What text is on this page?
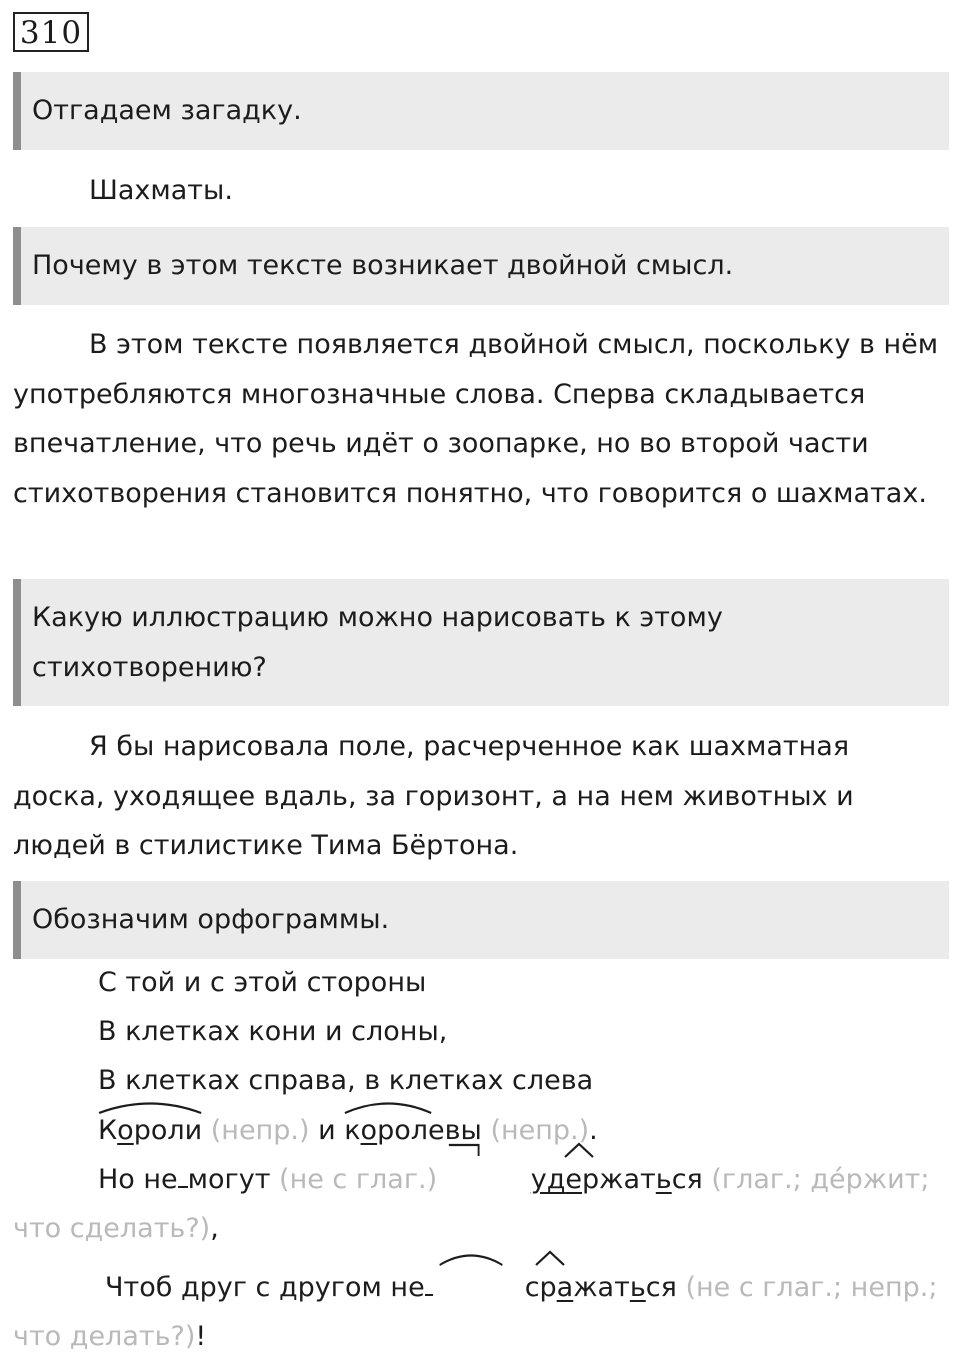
310
Отгадаем загадку.

Шахматы.

Почему в этом тексте возникает двойной смысл.

В этом тексте появляется двойной смысл, поскольку в нём употребляются многозначные слова. Сперва складывается впечатление, что речь идёт о зоопарке, но во второй части стихотворения становится понятно, что говорится о шахматах.

Какую иллюстрацию можно нарисовать к этому стихотворению?

Я бы нарисовала поле, расчерченное как шахматная доска, уходящее вдаль, за горизонт, а на нем животных и людей в стилистике Тима Бёртона.

Обозначим орфограммы.
С той и с этой стороны
В клетках кони и слоны,
В клетках справа, в клетках слева
Короли (непр.) и королевы (непр.).
Но не могут (не с глаг.)	удержаться (глаг.; де́ржит; что сделать?),
Чтоб друг с другом не	сражаться (не с глаг.; непр.; что делать?)!
